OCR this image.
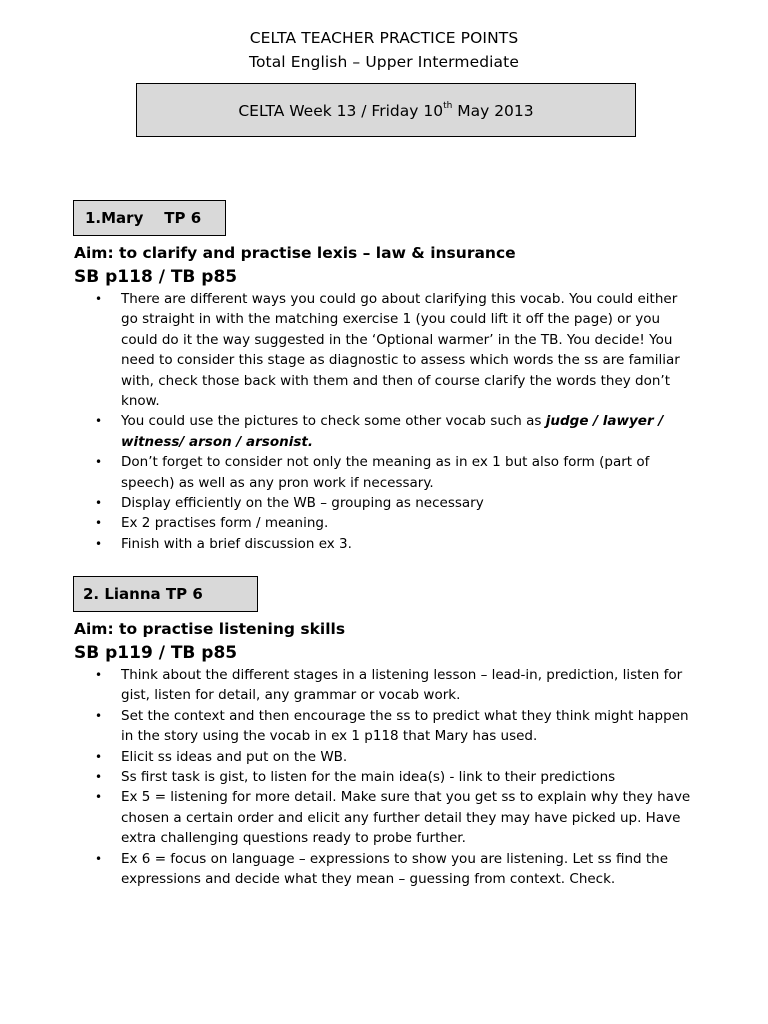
CELTA TEACHER PRACTICE POINTS
Total English – Upper Intermediate
CELTA Week 13 / Friday 10th May 2013
1.Mary    TP 6
Aim: to clarify and practise lexis – law & insurance
SB p118 / TB p85
• There are different ways you could go about clarifying this vocab. You could either go straight in with the matching exercise 1 (you could lift it off the page) or you could do it the way suggested in the ‘Optional warmer’ in the TB. You decide! You need to consider this stage as diagnostic to assess which words the ss are familiar with, check those back with them and then of course clarify the words they don’t know.
• You could use the pictures to check some other vocab such as judge / lawyer / witness/ arson / arsonist.
• Don’t forget to consider not only the meaning as in ex 1 but also form (part of speech) as well as any pron work if necessary.
• Display efficiently on the WB – grouping as necessary
• Ex 2 practises form / meaning.
• Finish with a brief discussion ex 3.
2. Lianna TP 6
Aim: to practise listening skills
SB p119 / TB p85
• Think about the different stages in a listening lesson – lead-in, prediction, listen for gist, listen for detail, any grammar or vocab work.
• Set the context and then encourage the ss to predict what they think might happen in the story using the vocab in ex 1 p118 that Mary has used.
• Elicit ss ideas and put on the WB.
• Ss first task is gist, to listen for the main idea(s) - link to their predictions
• Ex 5 = listening for more detail. Make sure that you get ss to explain why they have chosen a certain order and elicit any further detail they may have picked up. Have extra challenging questions ready to probe further.
• Ex 6 = focus on language – expressions to show you are listening. Let ss find the expressions and decide what they mean – guessing from context. Check.
